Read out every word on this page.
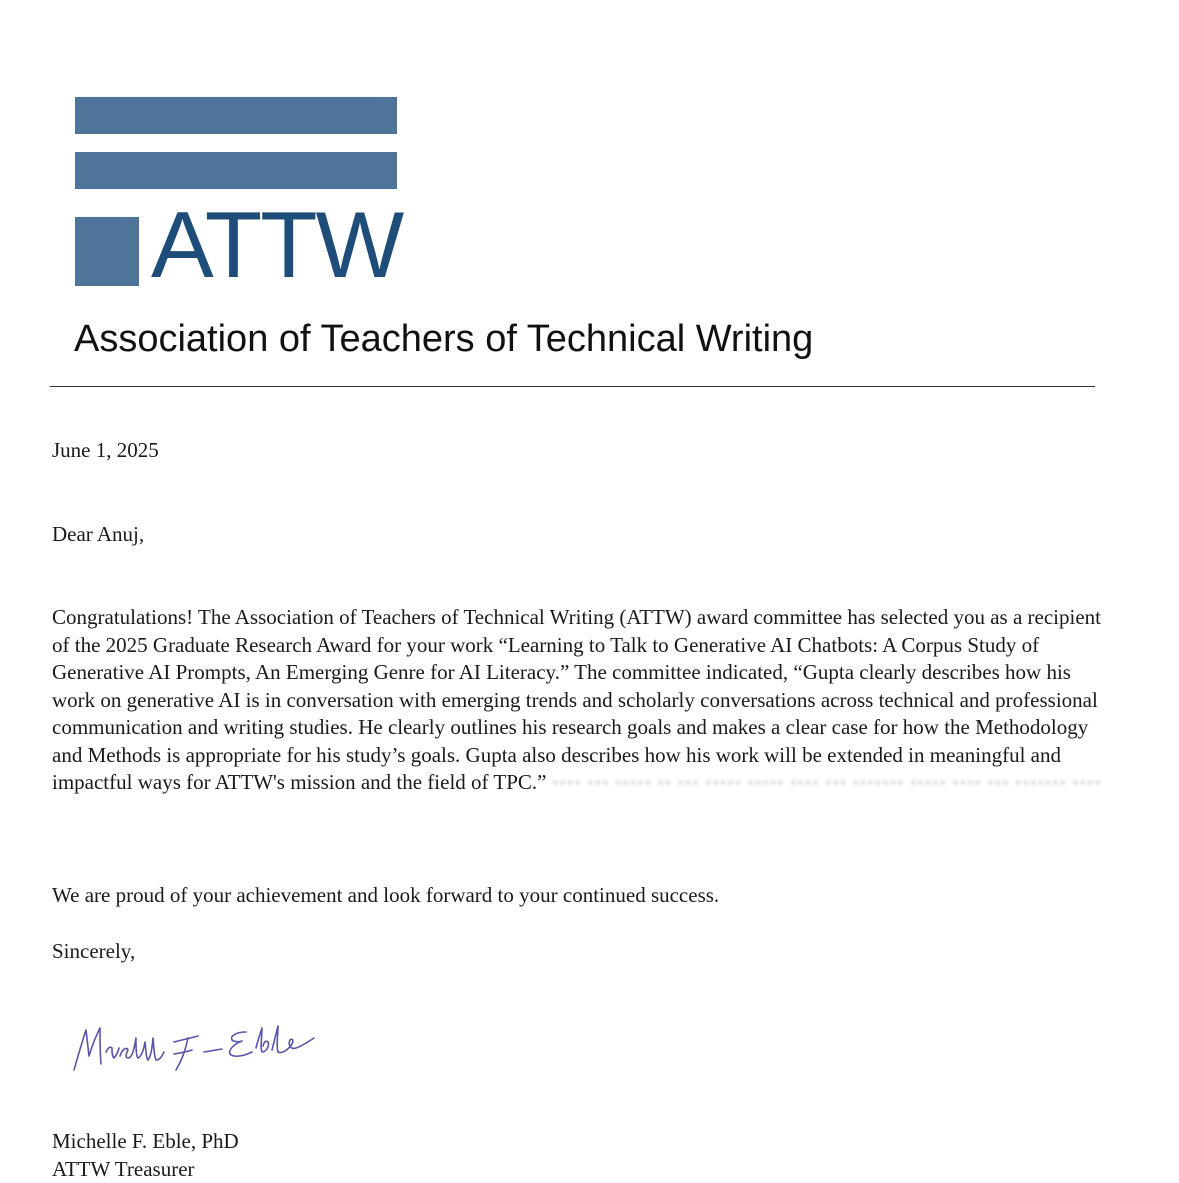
ATTW
Association of Teachers of Technical Writing
June 1, 2025
Dear Anuj,
Congratulations! The Association of Teachers of Technical Writing (ATTW) award committee has selected you as a recipient of the 2025 Graduate Research Award for your work “Learning to Talk to Generative AI Chatbots: A Corpus Study of Generative AI Prompts, An Emerging Genre for AI Literacy.” The committee indicated, “Gupta clearly describes how his work on generative AI is in conversation with emerging trends and scholarly conversations across technical and professional communication and writing studies. He clearly outlines his research goals and makes a clear case for how the Methodology and Methods is appropriate for his study’s goals. Gupta also describes how his work will be extended in meaningful and impactful ways for ATTW's mission and the field of TPC.” ▪▪▪▪ ▪▪▪ ▪▪▪▪▪ ▪▪ ▪▪▪ ▪▪▪▪▪ ▪▪▪▪▪ ▪▪▪▪ ▪▪▪ ▪▪▪▪▪▪▪ ▪▪▪▪▪ ▪▪▪▪ ▪▪▪ ▪▪▪▪▪▪▪ ▪▪▪▪
We are proud of your achievement and look forward to your continued success.
Sincerely,
Michelle F. Eble, PhD
ATTW Treasurer
